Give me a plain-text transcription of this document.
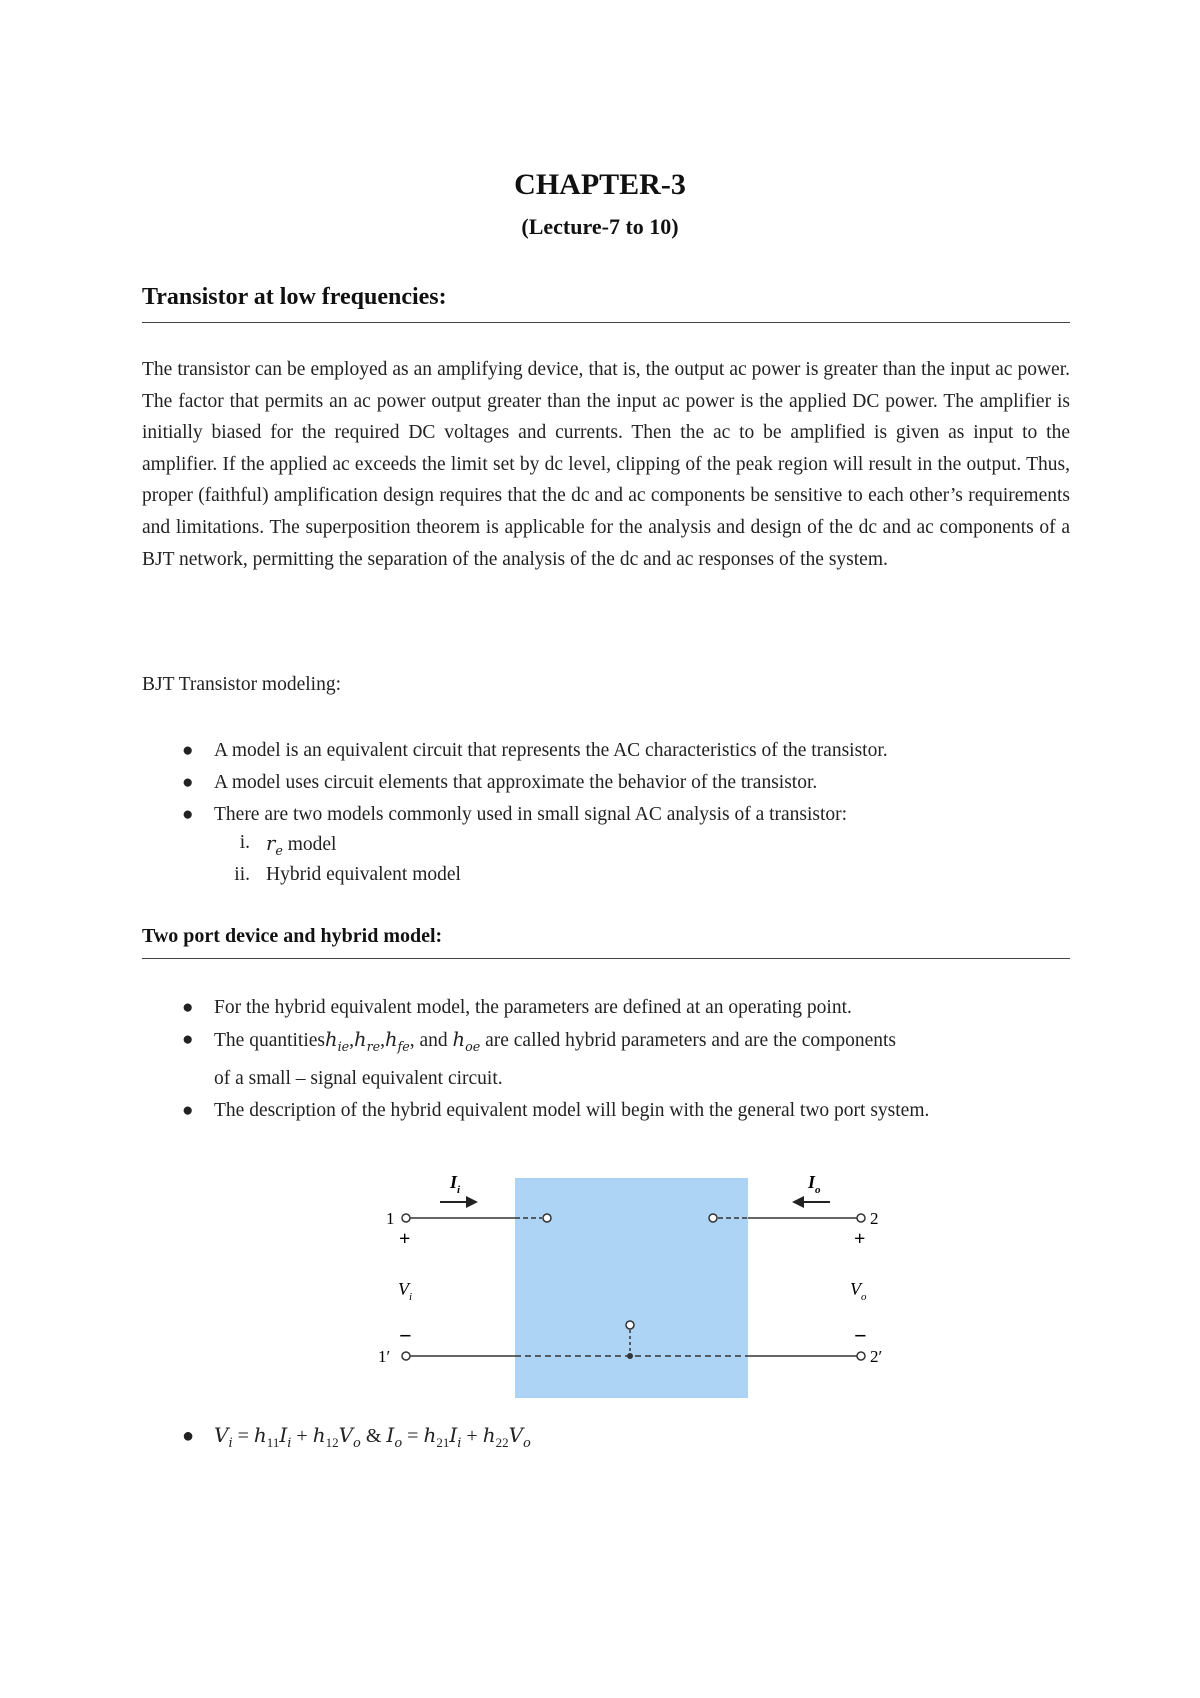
CHAPTER-3
(Lecture-7 to 10)
Transistor at low frequencies:

The transistor can be employed as an amplifying device, that is, the output ac power is greater than the input ac power. The factor that permits an ac power output greater than the input ac power is the applied DC power. The amplifier is initially biased for the required DC voltages and currents. Then the ac to be amplified is given as input to the amplifier. If the applied ac exceeds the limit set by dc level, clipping of the peak region will result in the output. Thus, proper (faithful) amplification design requires that the dc and ac components be sensitive to each other’s requirements and limitations. The superposition theorem is applicable for the analysis and design of the dc and ac components of a BJT network, permitting the separation of the analysis of the dc and ac responses of the system.

BJT Transistor modeling:
● A model is an equivalent circuit that represents the AC characteristics of the transistor.
● A model uses circuit elements that approximate the behavior of the transistor.
● There are two models commonly used in small signal AC analysis of a transistor:
i. $r_e$ model
ii. Hybrid equivalent model
Two port device and hybrid model:
● For the hybrid equivalent model, the parameters are defined at an operating point.
● The $quantitiesh_{ie},h_{re},h_{fe}$, and $h_{oe}$ are called hybrid parameters and are the components
of a small – signal equivalent circuit.
● The description of the hybrid equivalent model will begin with the general two port system.
$I_i$	$I_o$
1
1′
2
2′
+	+
−	−
$V_i$	$V_o$
● $V_i = h_{11}I_i + h_{12}V_o$ & $I_o = h_{21}I_i + h_{22}V_o$
